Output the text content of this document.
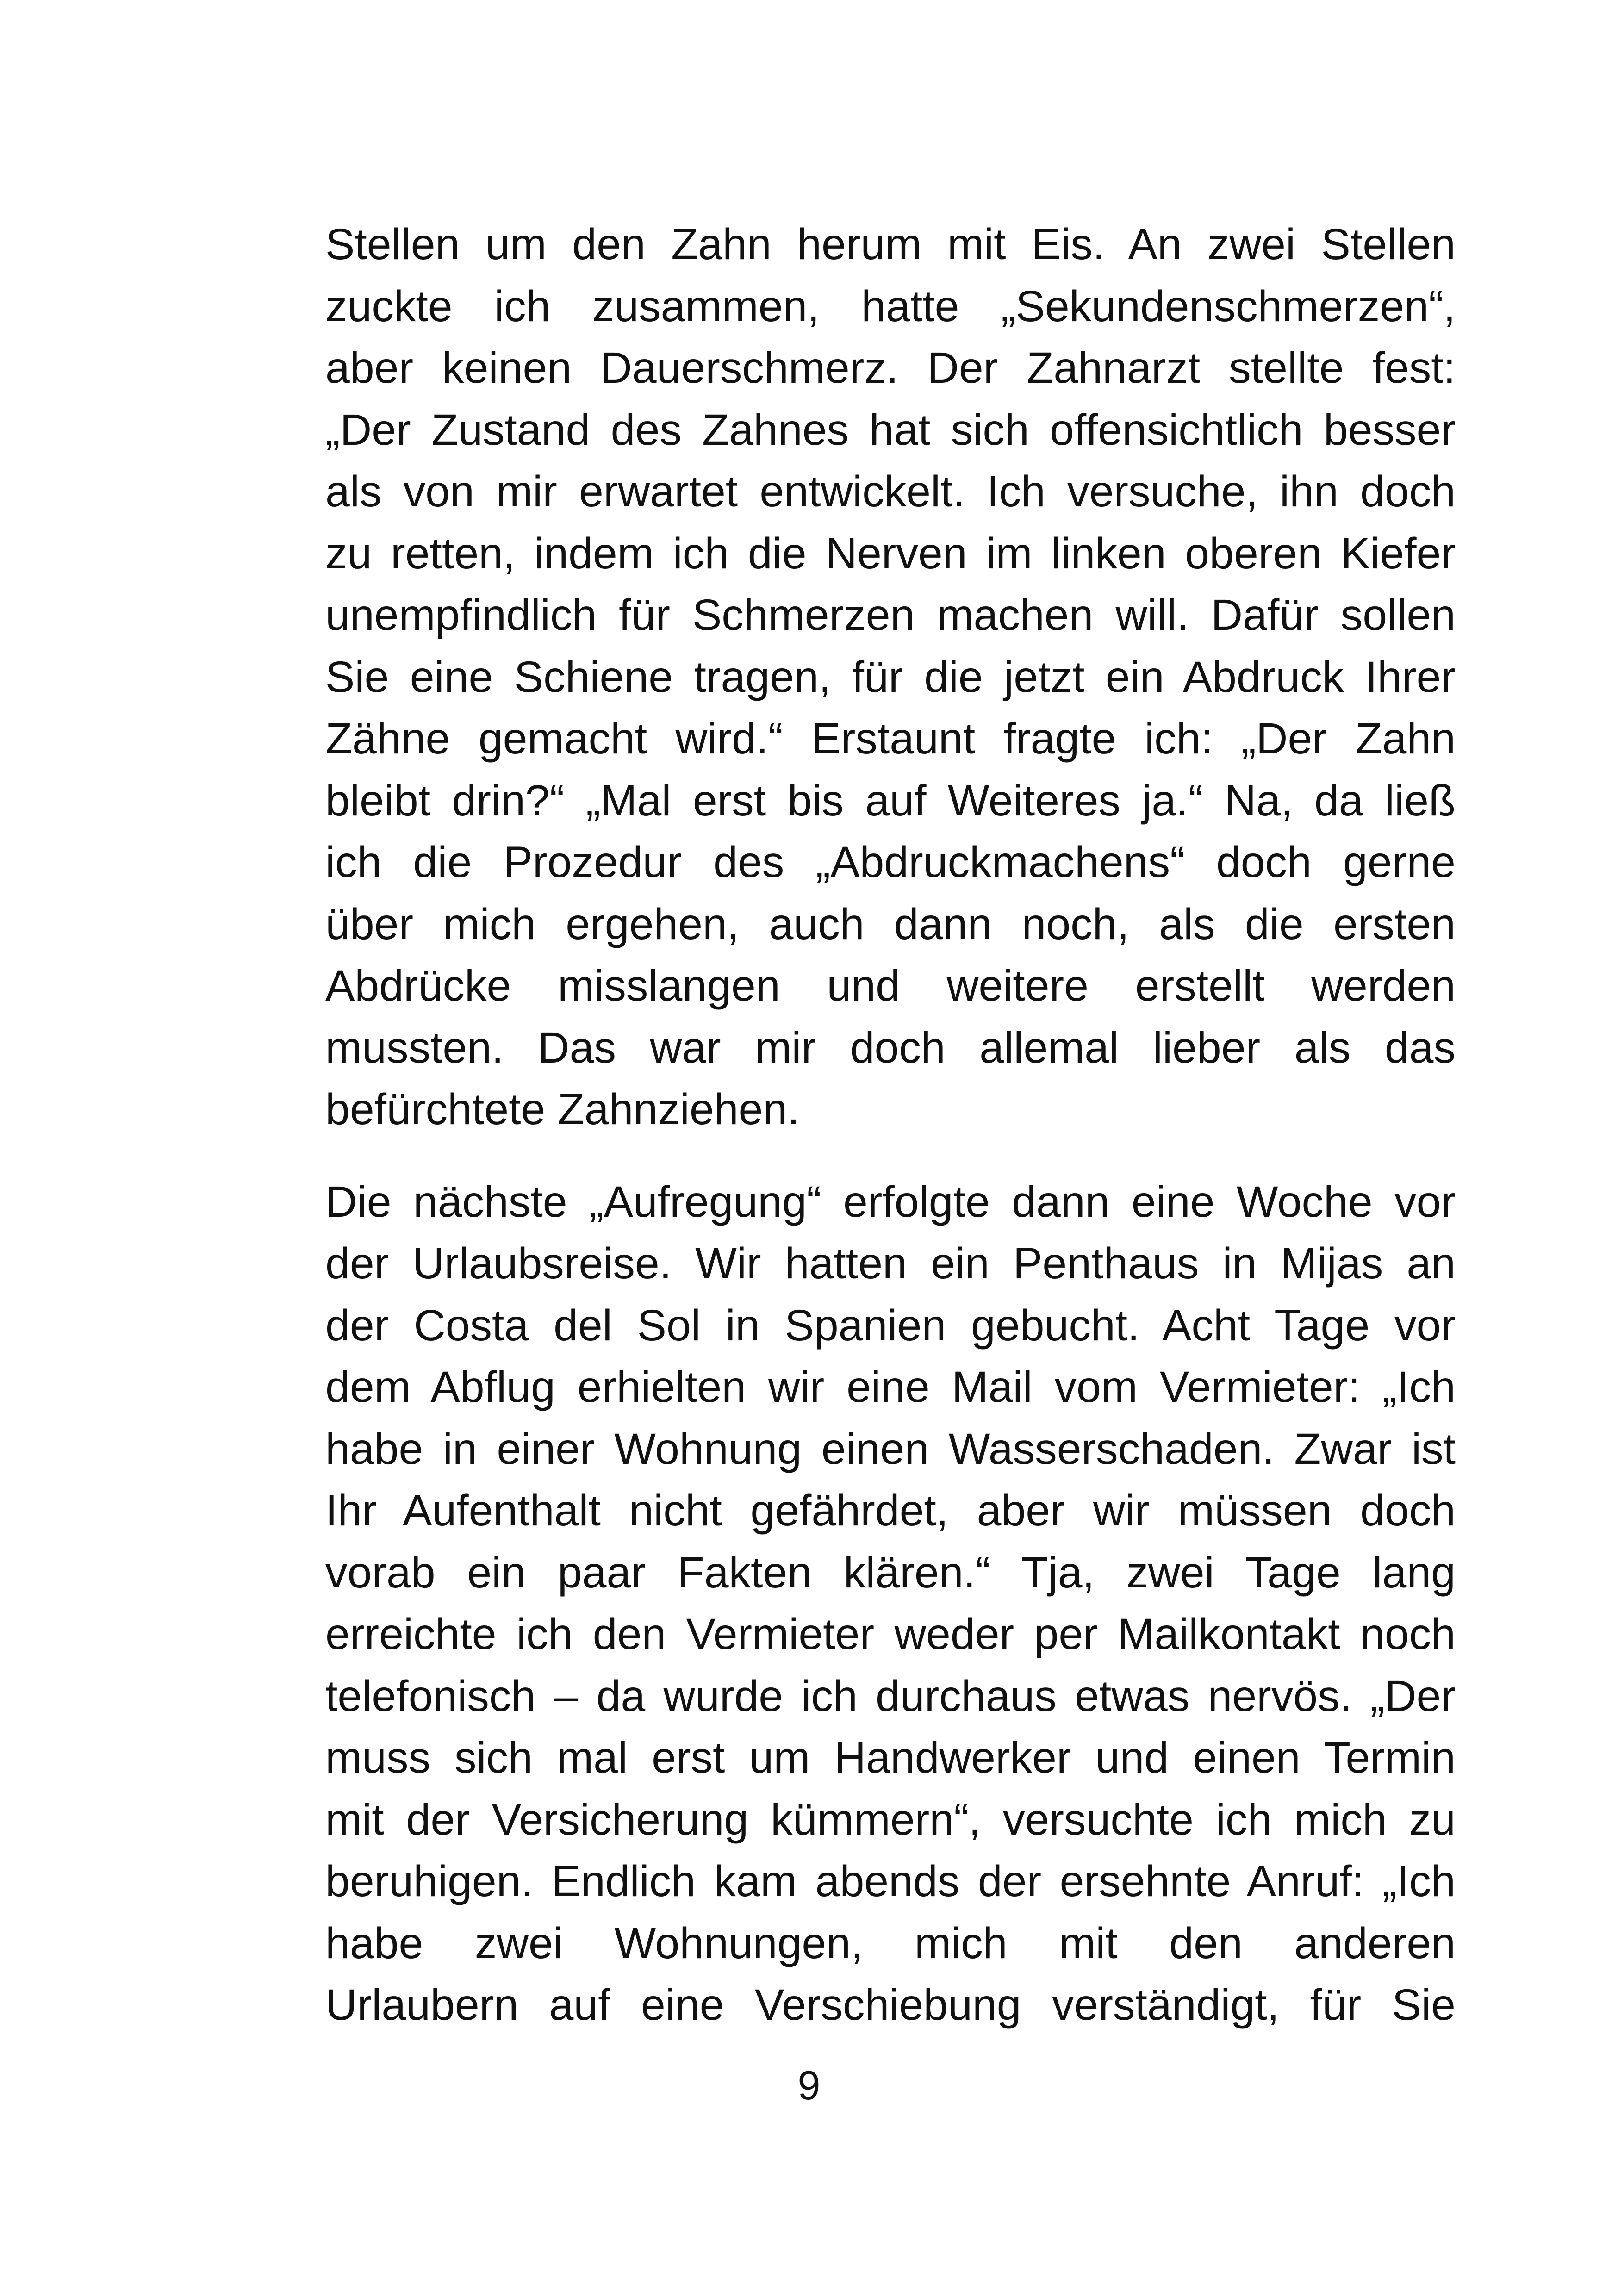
Stellen um den Zahn herum mit Eis. An zwei Stellen
zuckte ich zusammen, hatte „Sekundenschmerzen“,
aber keinen Dauerschmerz. Der Zahnarzt stellte fest:
„Der Zustand des Zahnes hat sich offensichtlich besser
als von mir erwartet entwickelt. Ich versuche, ihn doch
zu retten, indem ich die Nerven im linken oberen Kiefer
unempfindlich für Schmerzen machen will. Dafür sollen
Sie eine Schiene tragen, für die jetzt ein Abdruck Ihrer
Zähne gemacht wird.“ Erstaunt fragte ich: „Der Zahn
bleibt drin?“ „Mal erst bis auf Weiteres ja.“ Na, da ließ
ich die Prozedur des „Abdruckmachens“ doch gerne
über mich ergehen, auch dann noch, als die ersten
Abdrücke misslangen und weitere erstellt werden
mussten. Das war mir doch allemal lieber als das
befürchtete Zahnziehen.

Die nächste „Aufregung“ erfolgte dann eine Woche vor
der Urlaubsreise. Wir hatten ein Penthaus in Mijas an
der Costa del Sol in Spanien gebucht. Acht Tage vor
dem Abflug erhielten wir eine Mail vom Vermieter: „Ich
habe in einer Wohnung einen Wasserschaden. Zwar ist
Ihr Aufenthalt nicht gefährdet, aber wir müssen doch
vorab ein paar Fakten klären.“ Tja, zwei Tage lang
erreichte ich den Vermieter weder per Mailkontakt noch
telefonisch – da wurde ich durchaus etwas nervös. „Der
muss sich mal erst um Handwerker und einen Termin
mit der Versicherung kümmern“, versuchte ich mich zu
beruhigen. Endlich kam abends der ersehnte Anruf: „Ich
habe zwei Wohnungen, mich mit den anderen
Urlaubern auf eine Verschiebung verständigt, für Sie

9
